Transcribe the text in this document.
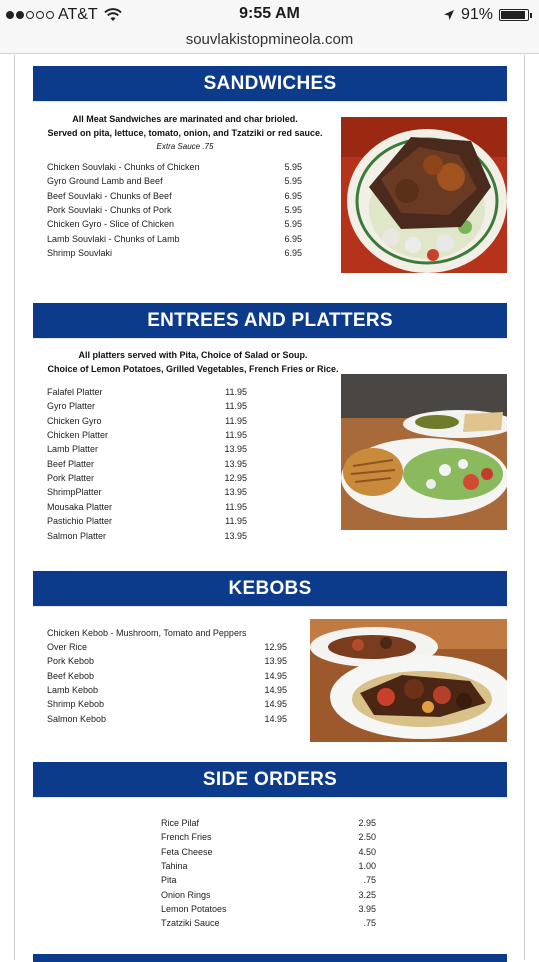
AT&T	9:55 AM	91%
souvlakistopmineola.com
SANDWICHES
All Meat Sandwiches are marinated and char brioled.
Served on pita, lettuce, tomato, onion, and Tzatziki or red sauce.
Extra Sauce .75
Chicken Souvlaki - Chunks of Chicken	5.95
Gyro Ground Lamb and Beef	5.95
Beef Souvlaki - Chunks of Beef	6.95
Pork Souvlaki - Chunks of Pork	5.95
Chicken Gyro - Slice of Chicken	5.95
Lamb Souvlaki - Chunks of Lamb	6.95
Shrimp Souvlaki	6.95
ENTREES AND PLATTERS
All platters served with Pita, Choice of Salad or Soup.
Choice of Lemon Potatoes, Grilled Vegetables, French Fries or Rice.
Falafel Platter	11.95
Gyro Platter	11.95
Chicken Gyro	11.95
Chicken Platter	11.95
Lamb Platter	13.95
Beef Platter	13.95
Pork Platter	12.95
ShrimpPlatter	13.95
Mousaka Platter	11.95
Pastichio Platter	11.95
Salmon Platter	13.95
KEBOBS
Chicken Kebob - Mushroom, Tomato and Peppers
Over Rice	12.95
Pork Kebob	13.95
Beef Kebob	14.95
Lamb Kebob	14.95
Shrimp Kebob	14.95
Salmon Kebob	14.95
SIDE ORDERS
Rice Pilaf	2.95
French Fries	2.50
Feta Cheese	4.50
Tahina	1.00
Pita	.75
Onion Rings	3.25
Lemon Potatoes	3.95
Tzatziki Sauce	.75
